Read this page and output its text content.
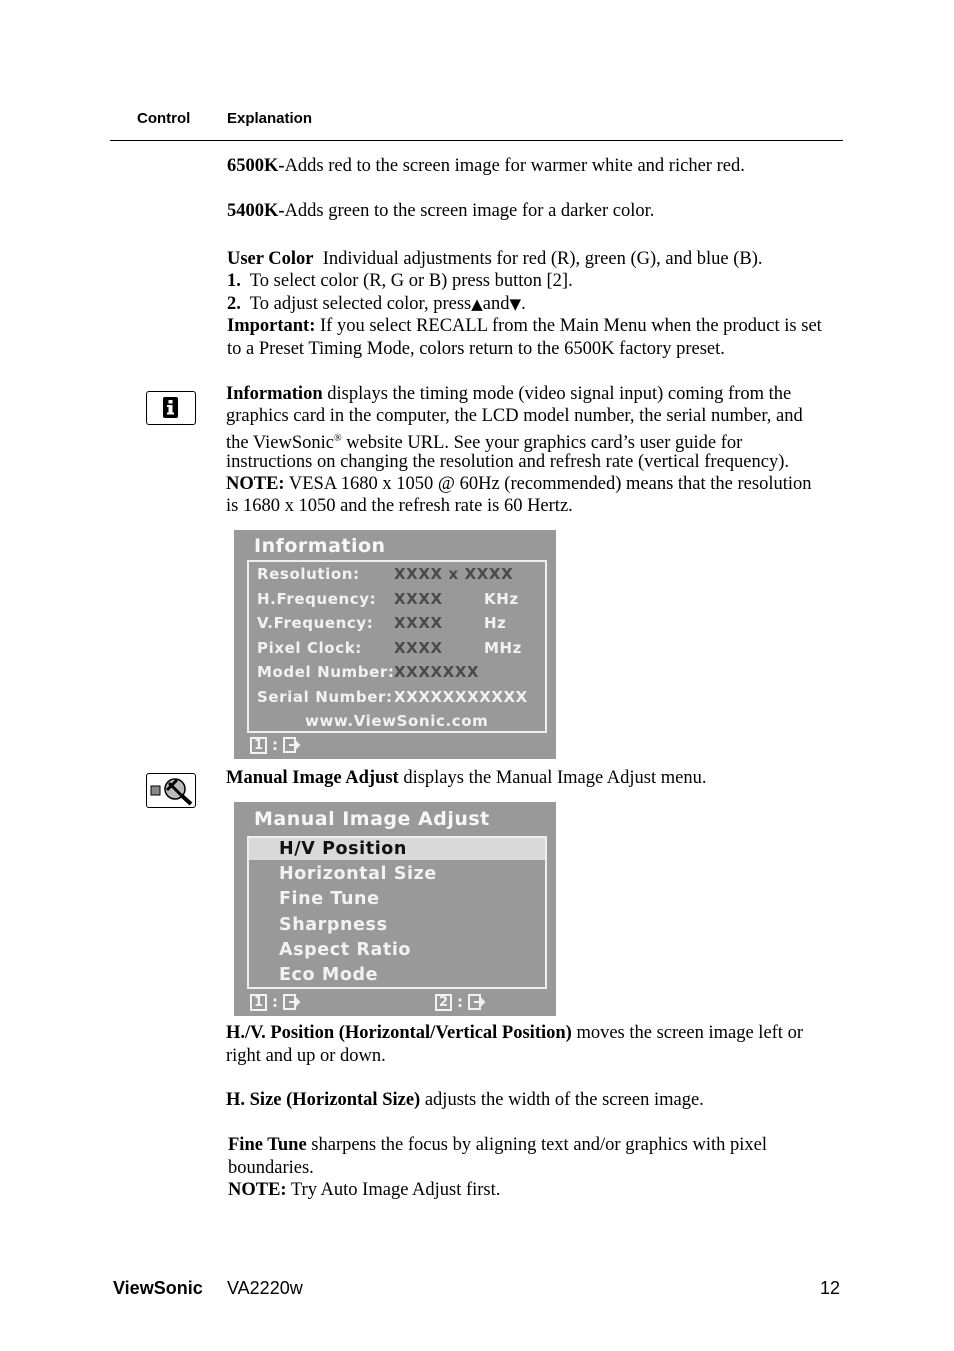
Control Explanation
6500K-Adds red to the screen image for warmer white and richer red.
5400K-Adds green to the screen image for a darker color.
User Color Individual adjustments for red (R), green (G), and blue (B).
1. To select color (R, G or B) press button [2].
2. To adjust selected color, press▲and▼.
Important: If you select RECALL from the Main Menu when the product is set
to a Preset Timing Mode, colors return to the 6500K factory preset.
Information displays the timing mode (video signal input) coming from the
graphics card in the computer, the LCD model number, the serial number, and
the ViewSonic® website URL. See your graphics card’s user guide for
instructions on changing the resolution and refresh rate (vertical frequency).
NOTE: VESA 1680 x 1050 @ 60Hz (recommended) means that the resolution
is 1680 x 1050 and the refresh rate is 60 Hertz.
Information
Resolution: XXXX x XXXX
H.Frequency: XXXX	KHz
V.Frequency: XXXX	Hz
Pixel Clock: XXXX	MHz
Model Number: XXXXXXX
Serial Number: XXXXXXXXXXX
www.ViewSonic.com
1 :
Manual Image Adjust displays the Manual Image Adjust menu.
Manual Image Adjust
H/V Position
Horizontal Size
Fine Tune
Sharpness
Aspect Ratio
Eco Mode
1 :	2 :
H./V. Position (Horizontal/Vertical Position) moves the screen image left or
right and up or down.
H. Size (Horizontal Size) adjusts the width of the screen image.
Fine Tune sharpens the focus by aligning text and/or graphics with pixel
boundaries.
NOTE: Try Auto Image Adjust first.
ViewSonic VA2220w	12
